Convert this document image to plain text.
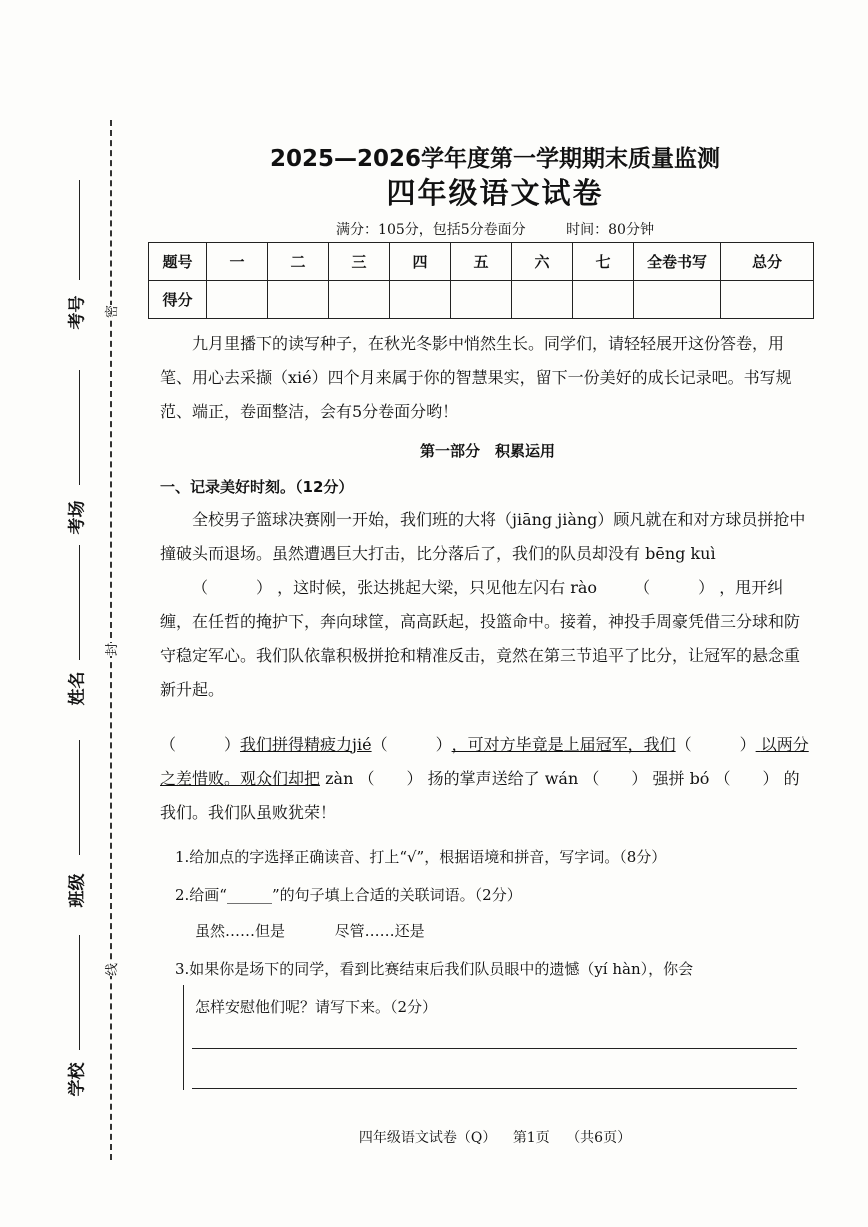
考号
考场
姓名
班级
学校
密
封
线
2025—2026学年度第一学期期末质量监测
四年级语文试卷
满分：105分，包括5分卷面分	时间：80分钟
题号	一	二	三	四	五	六	七	全卷书写	总分
得分									
九月里播下的读写种子，在秋光冬影中悄然生长。同学们，请轻轻展开这份答卷，用笔、用心去采撷（xié）四个月来属于你的智慧果实，留下一份美好的成长记录吧。书写规范、端正，卷面整洁，会有5分卷面分哟！
第一部分　积累运用
一、记录美好时刻。（12分）
全校男子篮球决赛刚一开始，我们班的大将（jiāng jiàng）顾凡就在和对方球员拼抢中撞破头而退场。虽然遭遇巨大打击，比分落后了，我们的队员却没有 bēng kuì （　　　） ，这时候，张达挑起大梁，只见他左闪右 rào （　　　） ，甩开纠缠，在任哲的掩护下，奔向球筐，高高跃起，投篮命中。接着，神投手周豪凭借三分球和防守稳定军心。我们队依靠积极拼抢和精准反击，竟然在第三节追平了比分，让冠军的悬念重新升起。
（　　　）我们拼得精疲力jié（　　　），可对方毕竟是上届冠军，我们（　　　） 以两分之差惜败。观众们却把 zàn （　　） 扬的掌声送给了 wán （　　） 强拼 bó （　　） 的我们。我们队虽败犹荣！
1.给加点的字选择正确读音、打上“√”，根据语境和拼音，写字词。（8分）
2.给画“______”的句子填上合适的关联词语。（2分）
虽然……但是	尽管……还是
3.如果你是场下的同学，看到比赛结束后我们队员眼中的遗憾（yí hàn），你会
怎样安慰他们呢？请写下来。（2分）
四年级语文试卷（Q） 第1页 （共6页）
